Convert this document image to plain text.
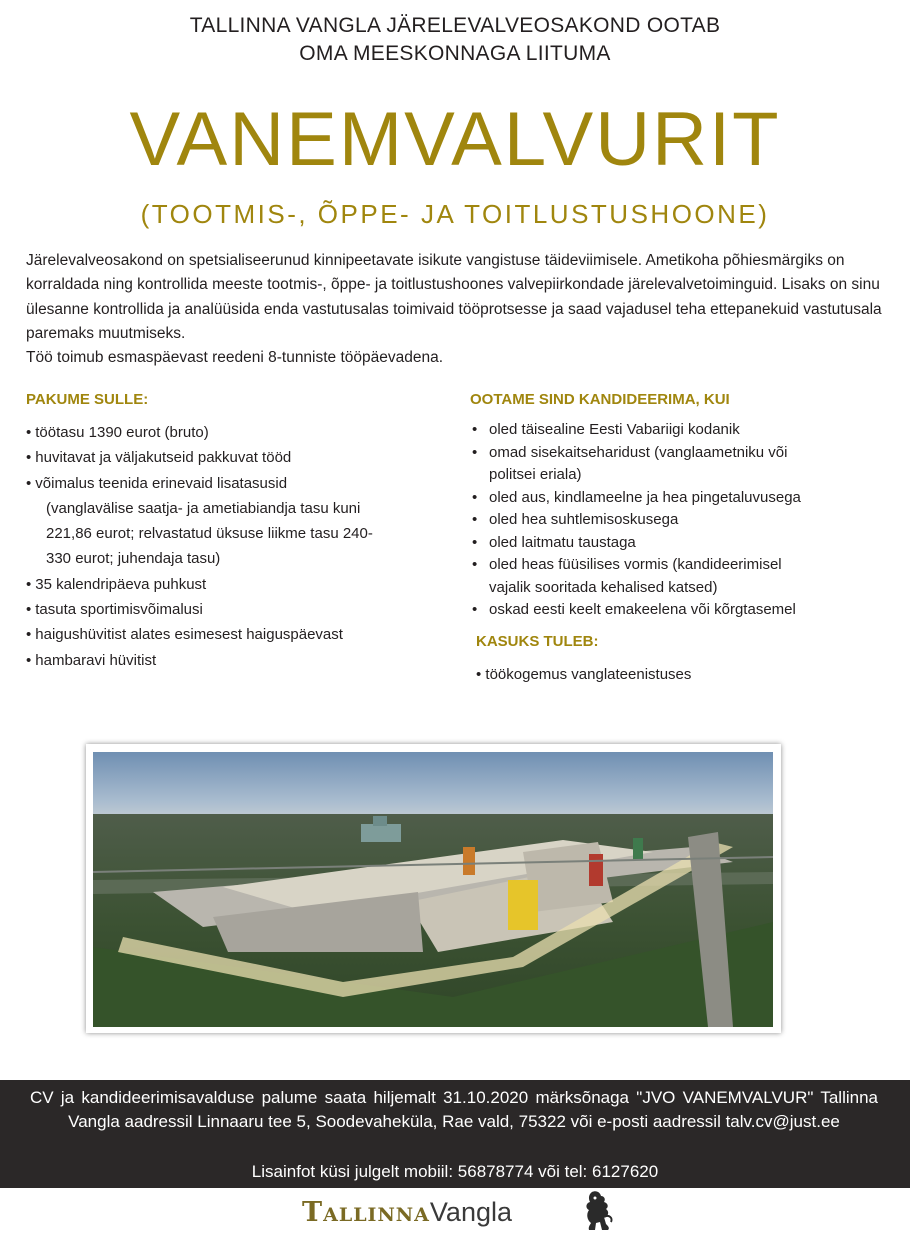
TALLINNA VANGLA JÄRELEVALVEOSAKOND OOTAB
OMA MEESKONNAGA LIITUMA
VANEMVALVURIT
(TOOTMIS-, ÕPPE- JA TOITLUSTUSHOONE)

Järelevalveosakond on spetsialiseerunud kinnipeetavate isikute vangistuse täideviimisele. Ametikoha põhiesmärgiks on korraldada ning kontrollida meeste tootmis-, õppe- ja toitlustushoones valvepiirkondade järelevalvetoiminguid. Lisaks on sinu ülesanne kontrollida ja analüüsida enda vastutusalas toimivaid tööprotsesse ja saad vajadusel teha ettepanekuid vastutusala paremaks muutmiseks.

Töö toimub esmaspäevast reedeni 8-tunniste tööpäevadena.

PAKUME SULLE:
• töötasu 1390 eurot (bruto)
• huvitavat ja väljakutseid pakkuvat tööd
• võimalus teenida erinevaid lisatasusid
(vanglavälise saatja- ja ametiabiandja tasu kuni
221,86 eurot; relvastatud üksuse liikme tasu 240-
330 eurot; juhendaja tasu)
• 35 kalendripäeva puhkust
• tasuta sportimisvõimalusi
• haigushüvitist alates esimesest haiguspäevast
• hambaravi hüvitist
OOTAME SIND KANDIDEERIMA, KUI
• oled täisealine Eesti Vabariigi kodanik
• omad sisekaitseharidust (vanglaametniku või
politsei eriala)
• oled aus, kindlameelne ja hea pingetaluvusega
• oled hea suhtlemisoskusega
• oled laitmatu taustaga
• oled heas füüsilises vormis (kandideerimisel
vajalik sooritada kehalised katsed)
• oskad eesti keelt emakeelena või kõrgtasemel
KASUKS TULEB:
• töökogemus vanglateenistuses
CV ja kandideerimisavalduse palume saata hiljemalt 31.10.2020 märksõnaga "JVO VANEMVALVUR" Tallinna Vangla aadressil Linnaaru tee 5, Soodevaheküla, Rae vald, 75322 või e-posti aadressil talv.cv@just.ee
Lisainfot küsi julgelt mobiil: 56878774 või tel: 6127620
TallinnaVangla
